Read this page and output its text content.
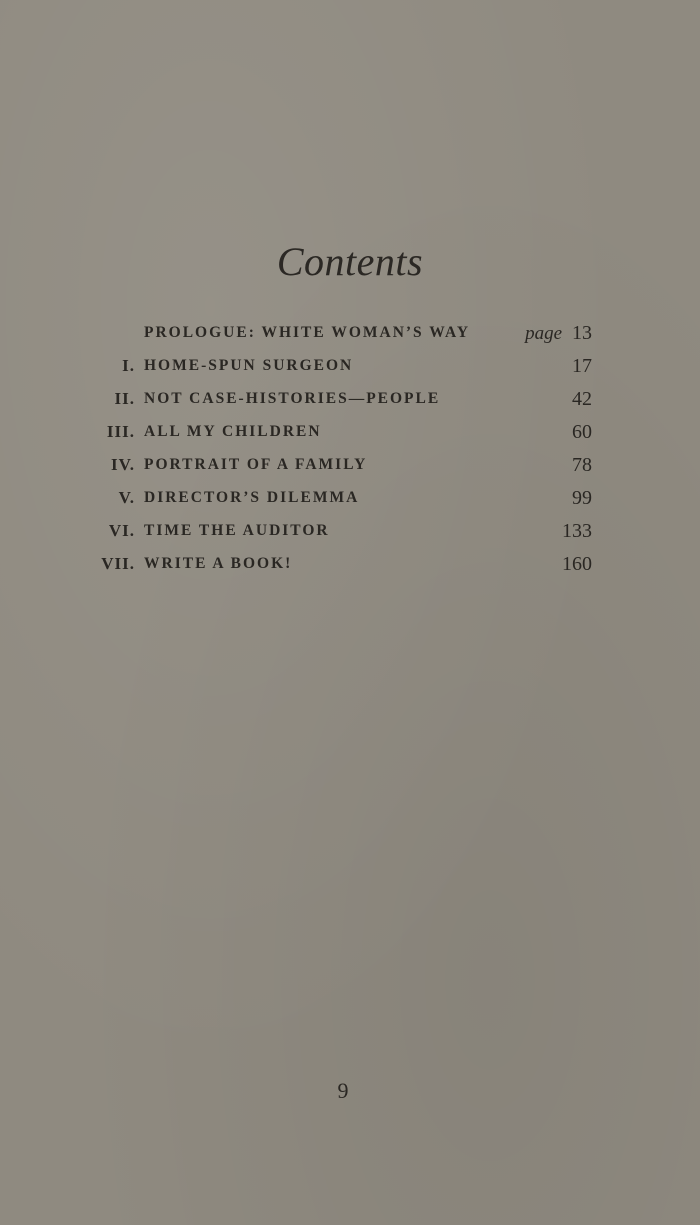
Contents
PROLOGUE: WHITE WOMAN’S WAY	page 13
I. HOME-SPUN SURGEON	17
II. NOT CASE-HISTORIES—PEOPLE	42
III. ALL MY CHILDREN	60
IV. PORTRAIT OF A FAMILY	78
V. DIRECTOR’S DILEMMA	99
VI. TIME THE AUDITOR	133
VII. WRITE A BOOK!	160
9
